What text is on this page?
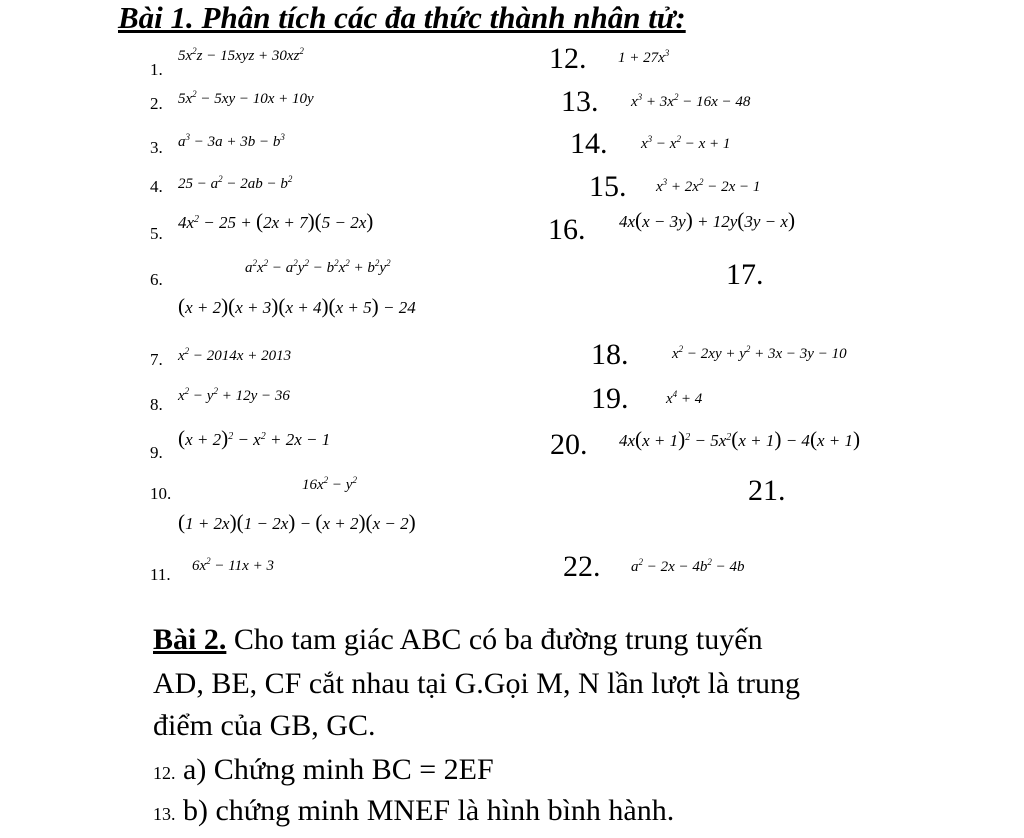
Bài 1. Phân tích các đa thức thành nhân tử:
1.
2.
3.
4.
5.
6.
7.
8.
9.
10.
11.
12.
13.
14.
15.
16.
17.
18.
19.
20.
21.
22.
$5x^2z - 15xyz + 30xz^2$
$5x^2 - 5xy - 10x + 10y$
$a^3 - 3a + 3b - b^3$
$25 - a^2 - 2ab - b^2$
$4x^2 - 25 + (2x + 7)(5 - 2x)$
$a^2x^2 - a^2y^2 - b^2x^2 + b^2y^2$
(x + 2)(x + 3)(x + 4)(x + 5) − 24
$x^2 - 2014x + 2013$
$x^2 - y^2 + 12y - 36$
$(x + 2)^2 - x^2 + 2x - 1$
$16x^2 - y^2$
(1 + 2x)(1 − 2x) − (x + 2)(x − 2)
$6x^2 - 11x + 3$
$1 + 27x^3$
$x^3 + 3x^2 - 16x - 48$
$x^3 - x^2 - x + 1$
$x^3 + 2x^2 - 2x - 1$
4x(x − 3y) + 12y(3y − x)
$x^2 - 2xy + y^2 + 3x - 3y - 10$
$x^4 + 4$
$4x(x + 1)^2 - 5x^2(x + 1) - 4(x + 1)$
$a^2 - 2x - 4b^2 - 4b$
Bài 2. Cho tam giác ABC có ba đường trung tuyến
AD, BE, CF cắt nhau tại G.Gọi M, N lần lượt là trung
điểm của GB, GC.
12. a) Chứng minh BC = 2EF
13. b) chứng minh MNEF là hình bình hành.
